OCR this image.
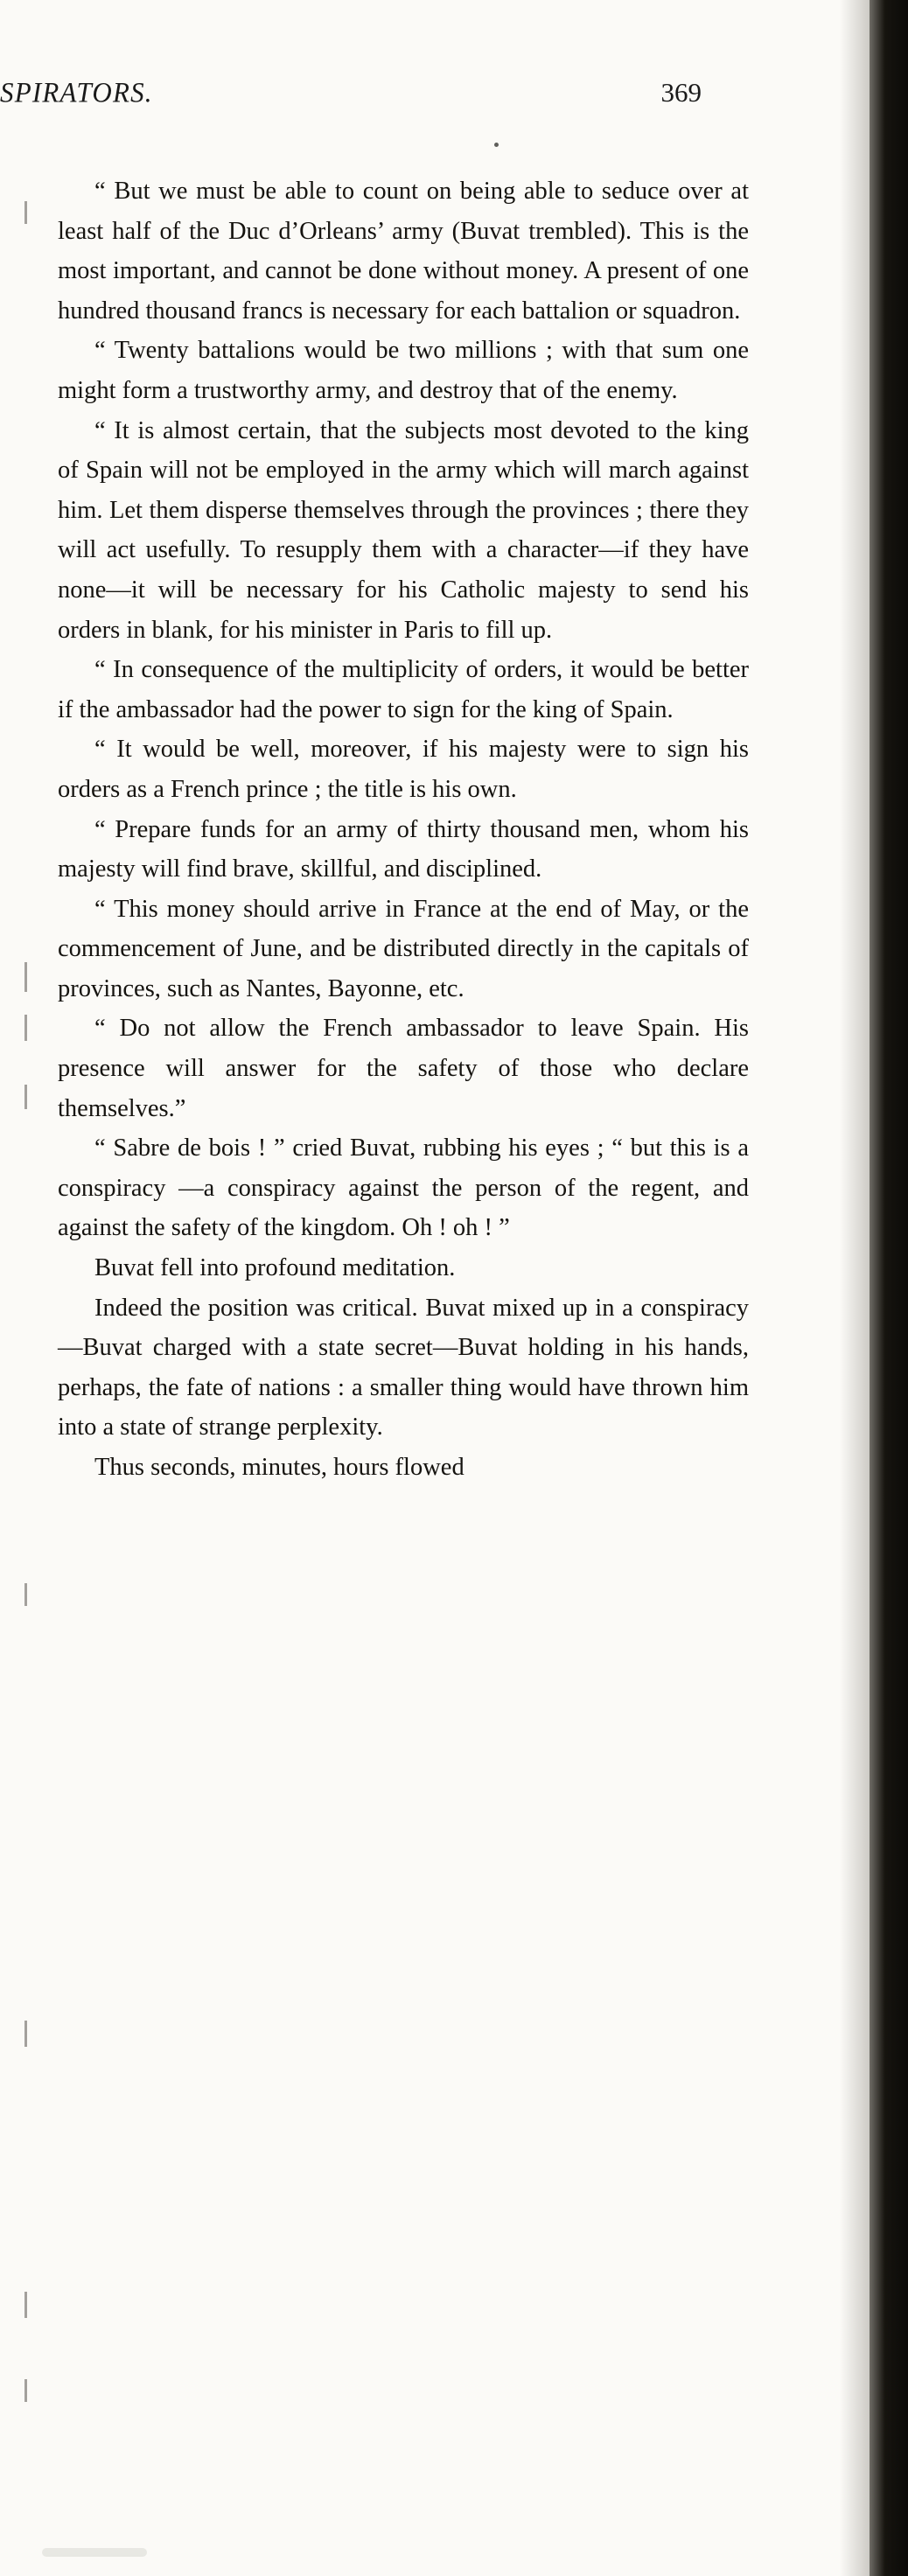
SPIRATORS.	369

“ But we must be able to count on being able to seduce over at least half of the Duc d’Orleans’ army (Buvat trembled). This is the most important, and cannot be done without money. A present of one hundred thousand francs is necessary for each battalion or squadron.

“ Twenty battalions would be two millions ; with that sum one might form a trustworthy army, and destroy that of the enemy.

“ It is almost certain, that the subjects most devoted to the king of Spain will not be employed in the army which will march against him. Let them disperse themselves through the provinces ; there they will act usefully. To resupply them with a character—if they have none—it will be necessary for his Catholic majesty to send his orders in blank, for his minister in Paris to fill up.

“ In consequence of the multiplicity of orders, it would be better if the ambassador had the power to sign for the king of Spain.

“ It would be well, moreover, if his majesty were to sign his orders as a French prince ; the title is his own.

“ Prepare funds for an army of thirty thousand men, whom his majesty will find brave, skillful, and disciplined.

“ This money should arrive in France at the end of May, or the commencement of June, and be distributed directly in the capitals of provinces, such as Nantes, Bayonne, etc.

“ Do not allow the French ambassador to leave Spain. His presence will answer for the safety of those who declare themselves.”

“ Sabre de bois ! ” cried Buvat, rubbing his eyes ; “ but this is a conspiracy —a conspiracy against the person of the regent, and against the safety of the kingdom. Oh ! oh ! ”

Buvat fell into profound meditation.

Indeed the position was critical. Buvat mixed up in a conspiracy—Buvat charged with a state secret—Buvat holding in his hands, perhaps, the fate of nations : a smaller thing would have thrown him into a state of strange perplexity.

Thus seconds, minutes, hours flowed
